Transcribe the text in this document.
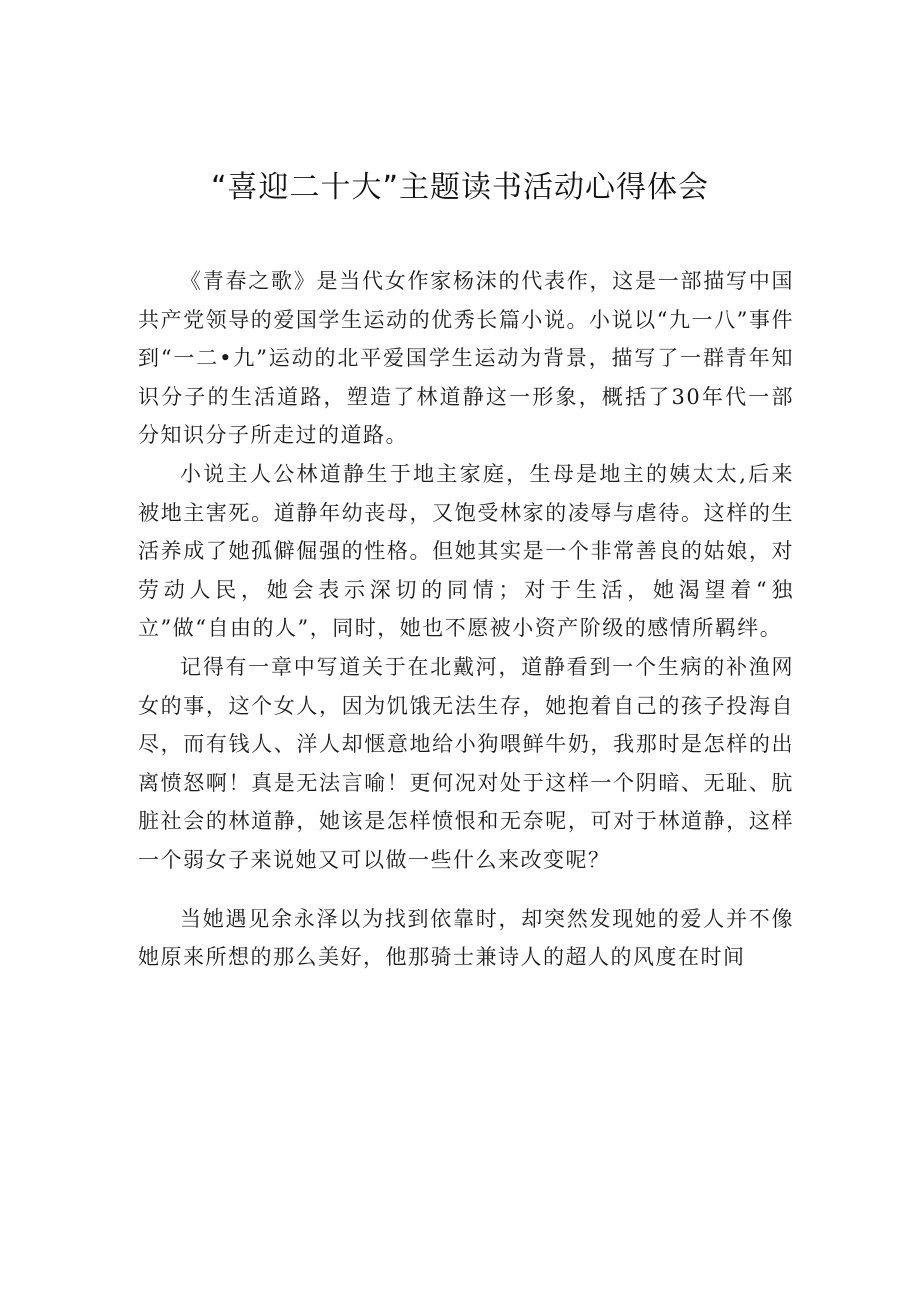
“喜迎二十大”主题读书活动心得体会

《青春之歌》是当代女作家杨沫的代表作，这是一部描写中国共产党领导的爱国学生运动的优秀长篇小说。小说以“九一八”事件到“一二•九”运动的北平爱国学生运动为背景，描写了一群青年知识分子的生活道路，塑造了林道静这一形象，概括了30年代一部分知识分子所走过的道路。

小说主人公林道静生于地主家庭，生母是地主的姨太太,后来被地主害死。道静年幼丧母，又饱受林家的凌辱与虐待。这样的生活养成了她孤僻倔强的性格。但她其实是一个非常善良的姑娘，对劳动人民，她会表示深切的同情；对于生活，她渴望着“独立”做“自由的人”，同时，她也不愿被小资产阶级的感情所羁绊。

记得有一章中写道关于在北戴河，道静看到一个生病的补渔网女的事，这个女人，因为饥饿无法生存，她抱着自己的孩子投海自尽，而有钱人、洋人却惬意地给小狗喂鲜牛奶，我那时是怎样的出离愤怒啊！真是无法言喻！更何况对处于这样一个阴暗、无耻、肮脏社会的林道静，她该是怎样愤恨和无奈呢，可对于林道静，这样一个弱女子来说她又可以做一些什么来改变呢？

当她遇见余永泽以为找到依靠时，却突然发现她的爱人并不像她原来所想的那么美好，他那骑士兼诗人的超人的风度在时间
